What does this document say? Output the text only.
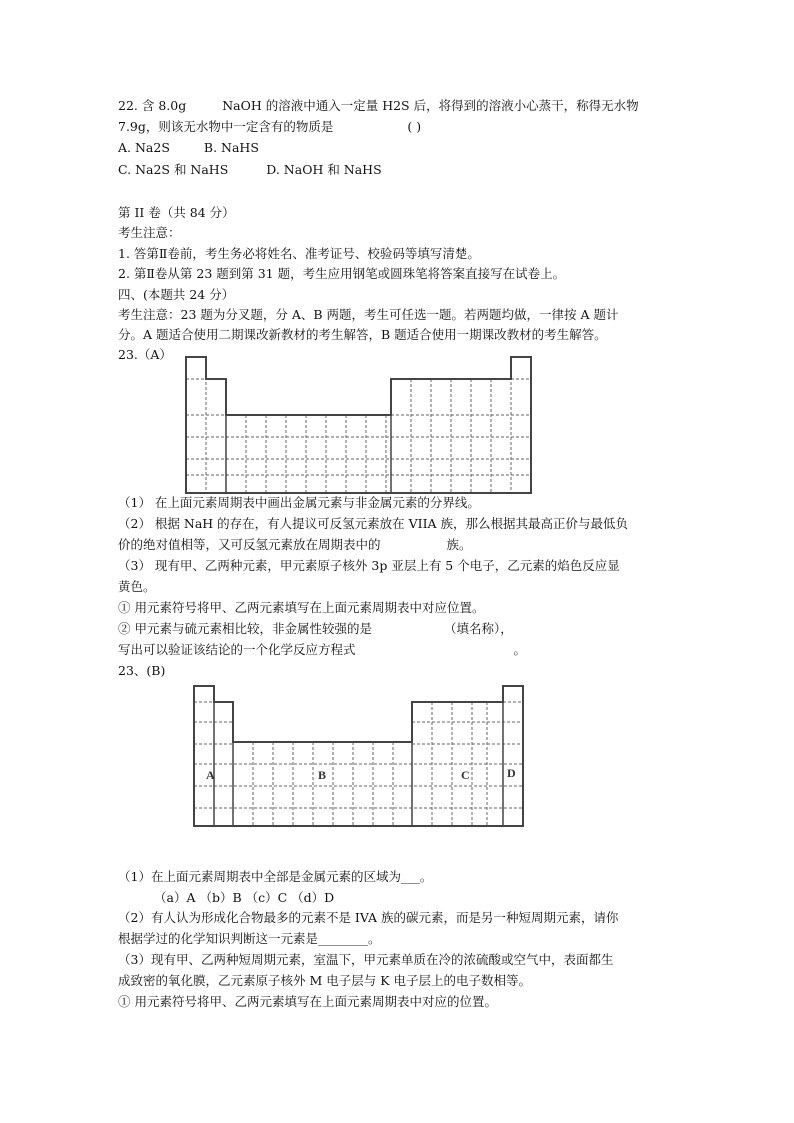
22. 含 8.0g	NaOH 的溶液中通入一定量 H2S 后，将得到的溶液小心蒸干，称得无水物
7.9g，则该无水物中一定含有的物质是	( )
A. Na2S	B. NaHS
C. Na2S 和 NaHS	D. NaOH 和 NaHS
第 II 卷（共 84 分）
考生注意：
1. 答第Ⅱ卷前，考生务必将姓名、准考证号、校验码等填写清楚。
2. 第Ⅱ卷从第 23 题到第 31 题，考生应用钢笔或圆珠笔将答案直接写在试卷上。
四、(本题共 24 分）
考生注意：23 题为分叉题，分 A、B 两题，考生可任选一题。若两题均做，一律按 A 题计
分。A 题适合使用二期课改新教材的考生解答，B 题适合使用一期课改教材的考生解答。
23.（A）
（1） 在上面元素周期表中画出金属元素与非金属元素的分界线。
（2） 根据 NaH 的存在，有人提议可反氢元素放在 VIIA 族，那么根据其最高正价与最低负
价的绝对值相等，又可反氢元素放在周期表中的	族。
（3） 现有甲、乙两种元素，甲元素原子核外 3p 亚层上有 5 个电子，乙元素的焰色反应显
黄色。
① 用元素符号将甲、乙两元素填写在上面元素周期表中对应位置。
② 甲元素与硫元素相比较，非金属性较强的是	（填名称），
写出可以验证该结论的一个化学反应方程式	。
23、(B)
A	B	C	D
（1）在上面元素周期表中全部是金属元素的区域为___。
（a）A （b）B （c）C （d）D
（2）有人认为形成化合物最多的元素不是 IVA 族的碳元素，而是另一种短周期元素，请你
根据学过的化学知识判断这一元素是________。
（3）现有甲、乙两种短周期元素，室温下，甲元素单质在冷的浓硫酸或空气中，表面都生
成致密的氧化膜，乙元素原子核外 M 电子层与 K 电子层上的电子数相等。
① 用元素符号将甲、乙两元素填写在上面元素周期表中对应的位置。
